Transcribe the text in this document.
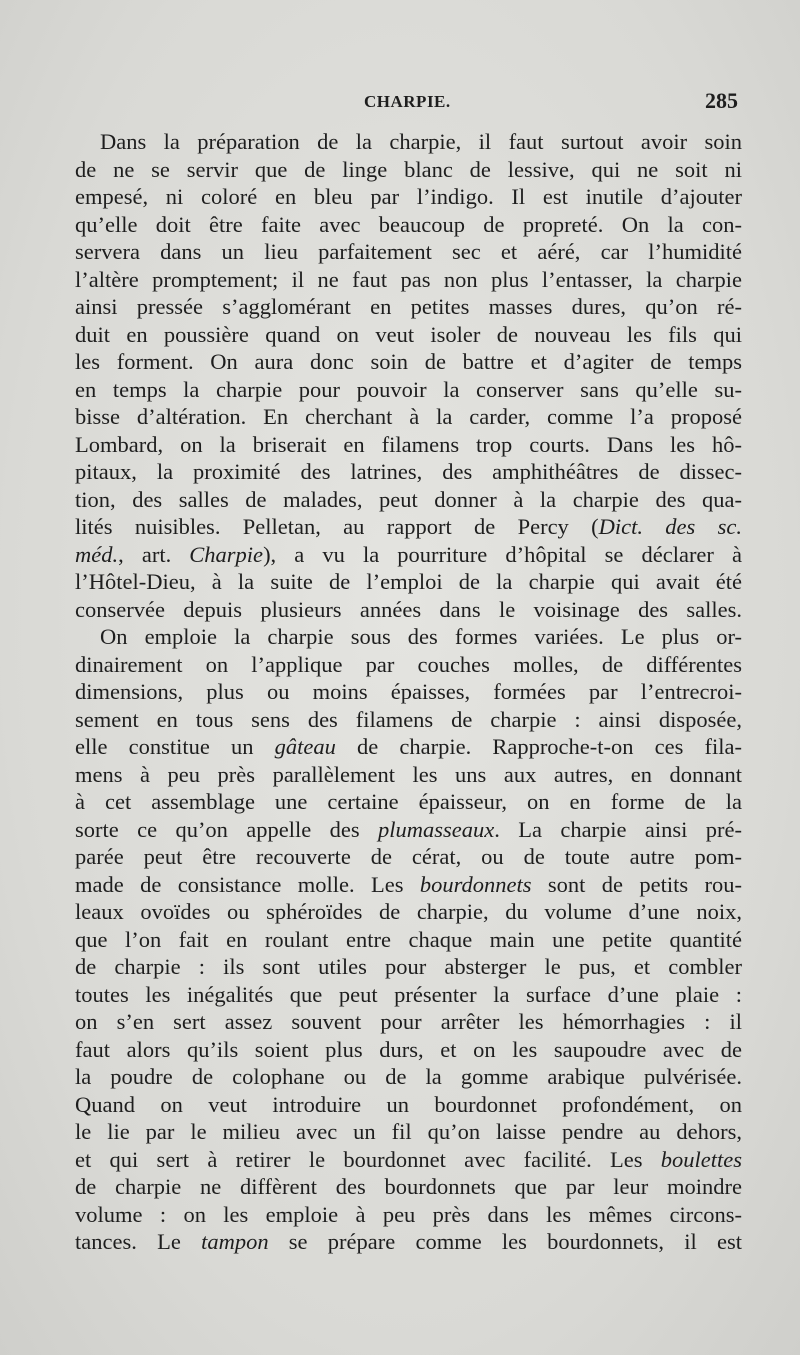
CHARPIE.	285
Dans la préparation de la charpie, il faut surtout avoir soin
de ne se servir que de linge blanc de lessive, qui ne soit ni
empesé, ni coloré en bleu par l’indigo. Il est inutile d’ajouter
qu’elle doit être faite avec beaucoup de propreté. On la con-
servera dans un lieu parfaitement sec et aéré, car l’humidité
l’altère promptement; il ne faut pas non plus l’entasser, la charpie
ainsi pressée s’agglomérant en petites masses dures, qu’on ré-
duit en poussière quand on veut isoler de nouveau les fils qui
les forment. On aura donc soin de battre et d’agiter de temps
en temps la charpie pour pouvoir la conserver sans qu’elle su-
bisse d’altération. En cherchant à la carder, comme l’a proposé
Lombard, on la briserait en filamens trop courts. Dans les hô-
pitaux, la proximité des latrines, des amphithéâtres de dissec-
tion, des salles de malades, peut donner à la charpie des qua-
lités nuisibles. Pelletan, au rapport de Percy (Dict. des sc.
méd., art. Charpie), a vu la pourriture d’hôpital se déclarer à
l’Hôtel-Dieu, à la suite de l’emploi de la charpie qui avait été
conservée depuis plusieurs années dans le voisinage des salles.
On emploie la charpie sous des formes variées. Le plus or-
dinairement on l’applique par couches molles, de différentes
dimensions, plus ou moins épaisses, formées par l’entrecroi-
sement en tous sens des filamens de charpie : ainsi disposée,
elle constitue un gâteau de charpie. Rapproche-t-on ces fila-
mens à peu près parallèlement les uns aux autres, en donnant
à cet assemblage une certaine épaisseur, on en forme de la
sorte ce qu’on appelle des plumasseaux. La charpie ainsi pré-
parée peut être recouverte de cérat, ou de toute autre pom-
made de consistance molle. Les bourdonnets sont de petits rou-
leaux ovoïdes ou sphéroïdes de charpie, du volume d’une noix,
que l’on fait en roulant entre chaque main une petite quantité
de charpie : ils sont utiles pour absterger le pus, et combler
toutes les inégalités que peut présenter la surface d’une plaie :
on s’en sert assez souvent pour arrêter les hémorrhagies : il
faut alors qu’ils soient plus durs, et on les saupoudre avec de
la poudre de colophane ou de la gomme arabique pulvérisée.
Quand on veut introduire un bourdonnet profondément, on
le lie par le milieu avec un fil qu’on laisse pendre au dehors,
et qui sert à retirer le bourdonnet avec facilité. Les boulettes
de charpie ne diffèrent des bourdonnets que par leur moindre
volume : on les emploie à peu près dans les mêmes circons-
tances. Le tampon se prépare comme les bourdonnets, il est
